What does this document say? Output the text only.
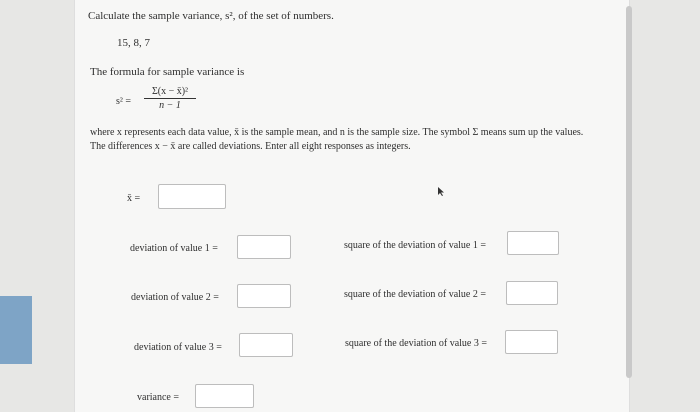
Calculate the sample variance, s², of the set of numbers.
15, 8, 7
The formula for sample variance is
$s^2 = \frac{\text{Σ(x − x̄)²}}{n - 1}$
where x represents each data value, x̄ is the sample mean, and n is the sample size. The symbol Σ means sum up the values. The differences x − x̄ are called deviations. Enter all eight responses as integers.
x̄ =
deviation of value 1 =	square of the deviation of value 1 =
deviation of value 2 =	square of the deviation of value 2 =
deviation of value 3 =	square of the deviation of value 3 =
variance =
